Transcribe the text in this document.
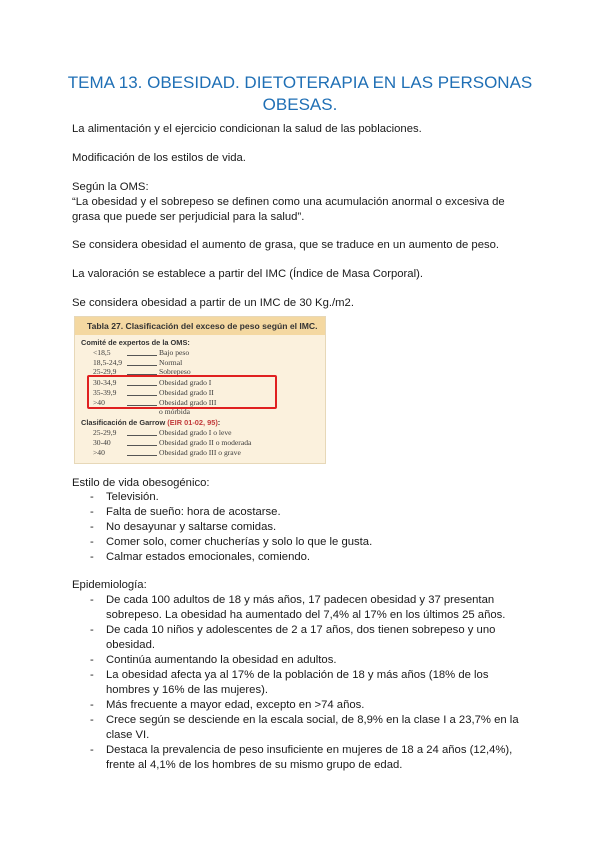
TEMA 13. OBESIDAD. DIETOTERAPIA EN LAS PERSONAS OBESAS.

La alimentación y el ejercicio condicionan la salud de las poblaciones.

Modificación de los estilos de vida.

Según la OMS:

“La obesidad y el sobrepeso se definen como una acumulación anormal o excesiva de grasa que puede ser perjudicial para la salud”.

Se considera obesidad el aumento de grasa, que se traduce en un aumento de peso.

La valoración se establece a partir del IMC (Índice de Masa Corporal).

Se considera obesidad a partir de un IMC de 30 Kg./m2.

Tabla 27. Clasificación del exceso de peso según el IMC.
Comité de expertos de la OMS:
<18,5	Bajo peso
18,5-24,9	Normal
25-29,9	Sobrepeso
30-34,9	Obesidad grado I
35-39,9	Obesidad grado II
>40	Obesidad grado III
o mórbida
Clasificación de Garrow (EIR 01-02, 95):
25-29,9	Obesidad grado I o leve
30-40	Obesidad grado II o moderada
>40	Obesidad grado III o grave

Estilo de vida obesogénico:

- Televisión.
- Falta de sueño: hora de acostarse.
- No desayunar y saltarse comidas.
- Comer solo, comer chucherías y solo lo que le gusta.
- Calmar estados emocionales, comiendo.

Epidemiología:

- De cada 100 adultos de 18 y más años, 17 padecen obesidad y 37 presentan sobrepeso. La obesidad ha aumentado del 7,4% al 17% en los últimos 25 años.
- De cada 10 niños y adolescentes de 2 a 17 años, dos tienen sobrepeso y uno obesidad.
- Continúa aumentando la obesidad en adultos.
- La obesidad afecta ya al 17% de la población de 18 y más años (18% de los hombres y 16% de las mujeres).
- Más frecuente a mayor edad, excepto en >74 años.
- Crece según se desciende en la escala social, de 8,9% en la clase I a 23,7% en la clase VI.
- Destaca la prevalencia de peso insuficiente en mujeres de 18 a 24 años (12,4%), frente al 4,1% de los hombres de su mismo grupo de edad.
